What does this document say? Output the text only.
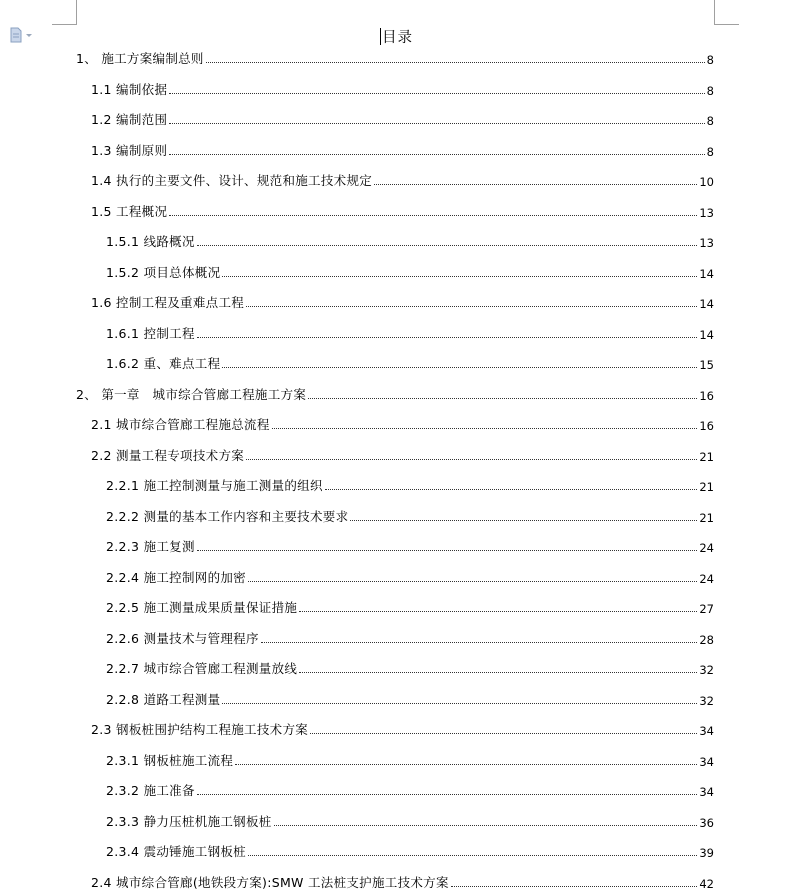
目录
1、 施工方案编制总则	8
1.1 编制依据	8
1.2 编制范围	8
1.3 编制原则	8
1.4 执行的主要文件、设计、规范和施工技术规定	10
1.5 工程概况	13
1.5.1 线路概况	13
1.5.2 项目总体概况	14
1.6 控制工程及重难点工程	14
1.6.1 控制工程	14
1.6.2 重、难点工程	15
2、 第一章　城市综合管廊工程施工方案	16
2.1 城市综合管廊工程施总流程	16
2.2 测量工程专项技术方案	21
2.2.1 施工控制测量与施工测量的组织	21
2.2.2 测量的基本工作内容和主要技术要求	21
2.2.3 施工复测	24
2.2.4 施工控制网的加密	24
2.2.5 施工测量成果质量保证措施	27
2.2.6 测量技术与管理程序	28
2.2.7 城市综合管廊工程测量放线	32
2.2.8 道路工程测量	32
2.3 钢板桩围护结构工程施工技术方案	34
2.3.1 钢板桩施工流程	34
2.3.2 施工准备	34
2.3.3 静力压桩机施工钢板桩	36
2.3.4 震动锤施工钢板桩	39
2.4 城市综合管廊(地铁段方案):SMW 工法桩支护施工技术方案	42
